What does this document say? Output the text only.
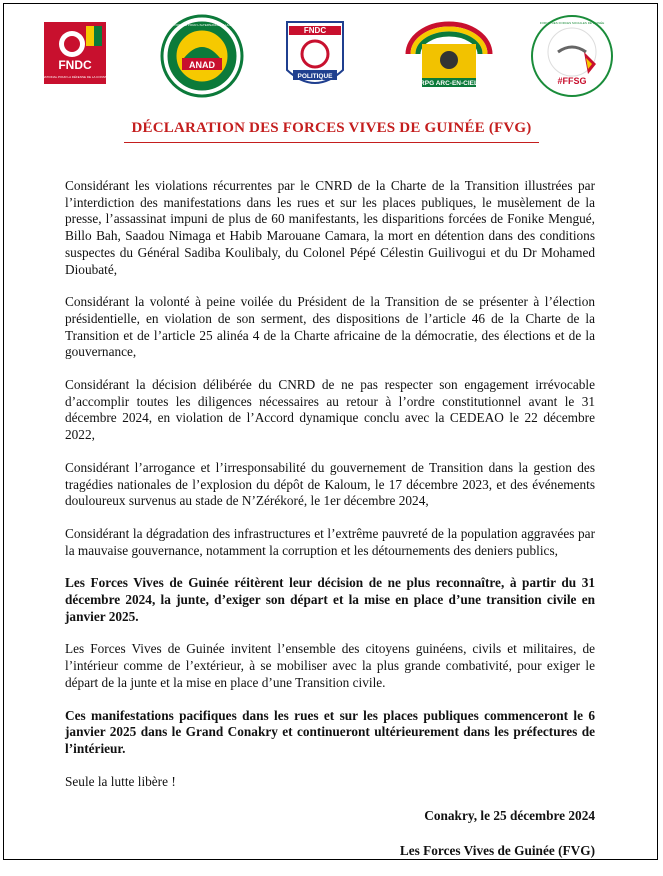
FNDC
FRONT NATIONAL POUR LA DÉFENSE DE LA CONSTITUTION
ANAD
ALLIANCE NATIONALE POUR L'ALTERNANCE ET LA DÉMOCRATIE
FNDC
POLITIQUE
RPG ARC-EN-CIEL	#FFSG
FORUM DES FORCES SOCIALES DE GUINÉE
DÉCLARATION DES FORCES VIVES DE GUINÉE (FVG)

Considérant les violations récurrentes par le CNRD de la Charte de la Transition illustrées par l’interdiction des manifestations dans les rues et sur les places publiques, le musèlement de la presse, l’assassinat impuni de plus de 60 manifestants, les disparitions forcées de Fonike Mengué, Billo Bah, Saadou Nimaga et Habib Marouane Camara, la mort en détention dans des conditions suspectes du Général Sadiba Koulibaly, du Colonel Pépé Célestin Guilivogui et du Dr Mohamed Dioubaté,

Considérant la volonté à peine voilée du Président de la Transition de se présenter à l’élection présidentielle, en violation de son serment, des dispositions de l’article 46 de la Charte de la Transition et de l’article 25 alinéa 4 de la Charte africaine de la démocratie, des élections et de la gouvernance,

Considérant la décision délibérée du CNRD de ne pas respecter son engagement irrévocable d’accomplir toutes les diligences nécessaires au retour à l’ordre constitutionnel avant le 31 décembre 2024, en violation de l’Accord dynamique conclu avec la CEDEAO le 22 décembre 2022,

Considérant l’arrogance et l’irresponsabilité du gouvernement de Transition dans la gestion des tragédies nationales de l’explosion du dépôt de Kaloum, le 17 décembre 2023, et des événements douloureux survenus au stade de N’Zérékoré, le 1er décembre 2024,

Considérant la dégradation des infrastructures et l’extrême pauvreté de la population aggravées par la mauvaise gouvernance, notamment la corruption et les détournements des deniers publics,

Les Forces Vives de Guinée réitèrent leur décision de ne plus reconnaître, à partir du 31 décembre 2024, la junte, d’exiger son départ et la mise en place d’une transition civile en janvier 2025.

Les Forces Vives de Guinée invitent l’ensemble des citoyens guinéens, civils et militaires, de l’intérieur comme de l’extérieur, à se mobiliser avec la plus grande combativité, pour exiger le départ de la junte et la mise en place d’une Transition civile.

Ces manifestations pacifiques dans les rues et sur les places publiques commenceront le 6 janvier 2025 dans le Grand Conakry et continueront ultérieurement dans les préfectures de l’intérieur.

Seule la lutte libère !

Conakry, le 25 décembre 2024

Les Forces Vives de Guinée (FVG)
